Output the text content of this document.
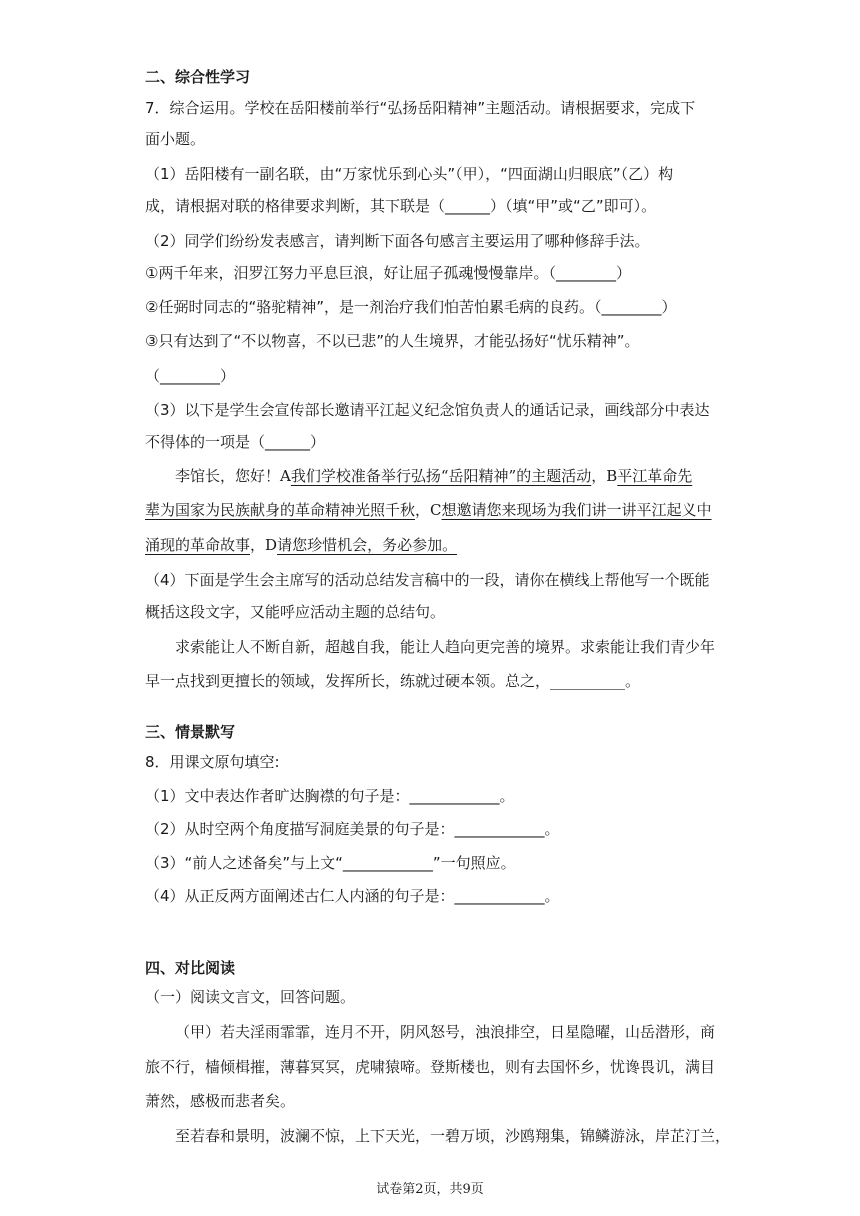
二、综合性学习
7．综合运用。学校在岳阳楼前举行“弘扬岳阳精神”主题活动。请根据要求，完成下
面小题。
（1）岳阳楼有一副名联，由“万家忧乐到心头”（甲），“四面湖山归眼底”（乙）构
成，请根据对联的格律要求判断，其下联是（______）（填“甲”或“乙”即可）。
（2）同学们纷纷发表感言，请判断下面各句感言主要运用了哪种修辞手法。
①两千年来，汨罗江努力平息巨浪，好让屈子孤魂慢慢靠岸。（________）
②任弼时同志的“骆驼精神”，是一剂治疗我们怕苦怕累毛病的良药。（________）
③只有达到了“不以物喜，不以已悲”的人生境界，才能弘扬好“忧乐精神”。
（________）
（3）以下是学生会宣传部长邀请平江起义纪念馆负责人的通话记录，画线部分中表达
不得体的一项是（______）
李馆长，您好！A我们学校准备举行弘扬“岳阳精神”的主题活动，B平江革命先
辈为国家为民族献身的革命精神光照千秋，C想邀请您来现场为我们讲一讲平江起义中
涌现的革命故事，D请您珍惜机会，务必参加。
（4）下面是学生会主席写的活动总结发言稿中的一段，请你在横线上帮他写一个既能
概括这段文字，又能呼应活动主题的总结句。
求索能让人不断自新，超越自我，能让人趋向更完善的境界。求索能让我们青少年
早一点找到更擅长的领域，发挥所长，练就过硬本领。总之，__________。
三、情景默写
8．用课文原句填空:
（1）文中表达作者旷达胸襟的句子是：____________。
（2）从时空两个角度描写洞庭美景的句子是：____________。
（3）“前人之述备矣”与上文“____________”一句照应。
（4）从正反两方面阐述古仁人内涵的句子是：____________。
四、对比阅读
（一）阅读文言文，回答问题。
（甲）若夫淫雨霏霏，连月不开，阴风怒号，浊浪排空，日星隐曜，山岳潜形，商
旅不行，樯倾楫摧，薄暮冥冥，虎啸猿啼。登斯楼也，则有去国怀乡，忧谗畏讥，满目
萧然，感极而悲者矣。
至若春和景明，波澜不惊，上下天光，一碧万顷，沙鸥翔集，锦鳞游泳，岸芷汀兰，
试卷第2页，共9页
